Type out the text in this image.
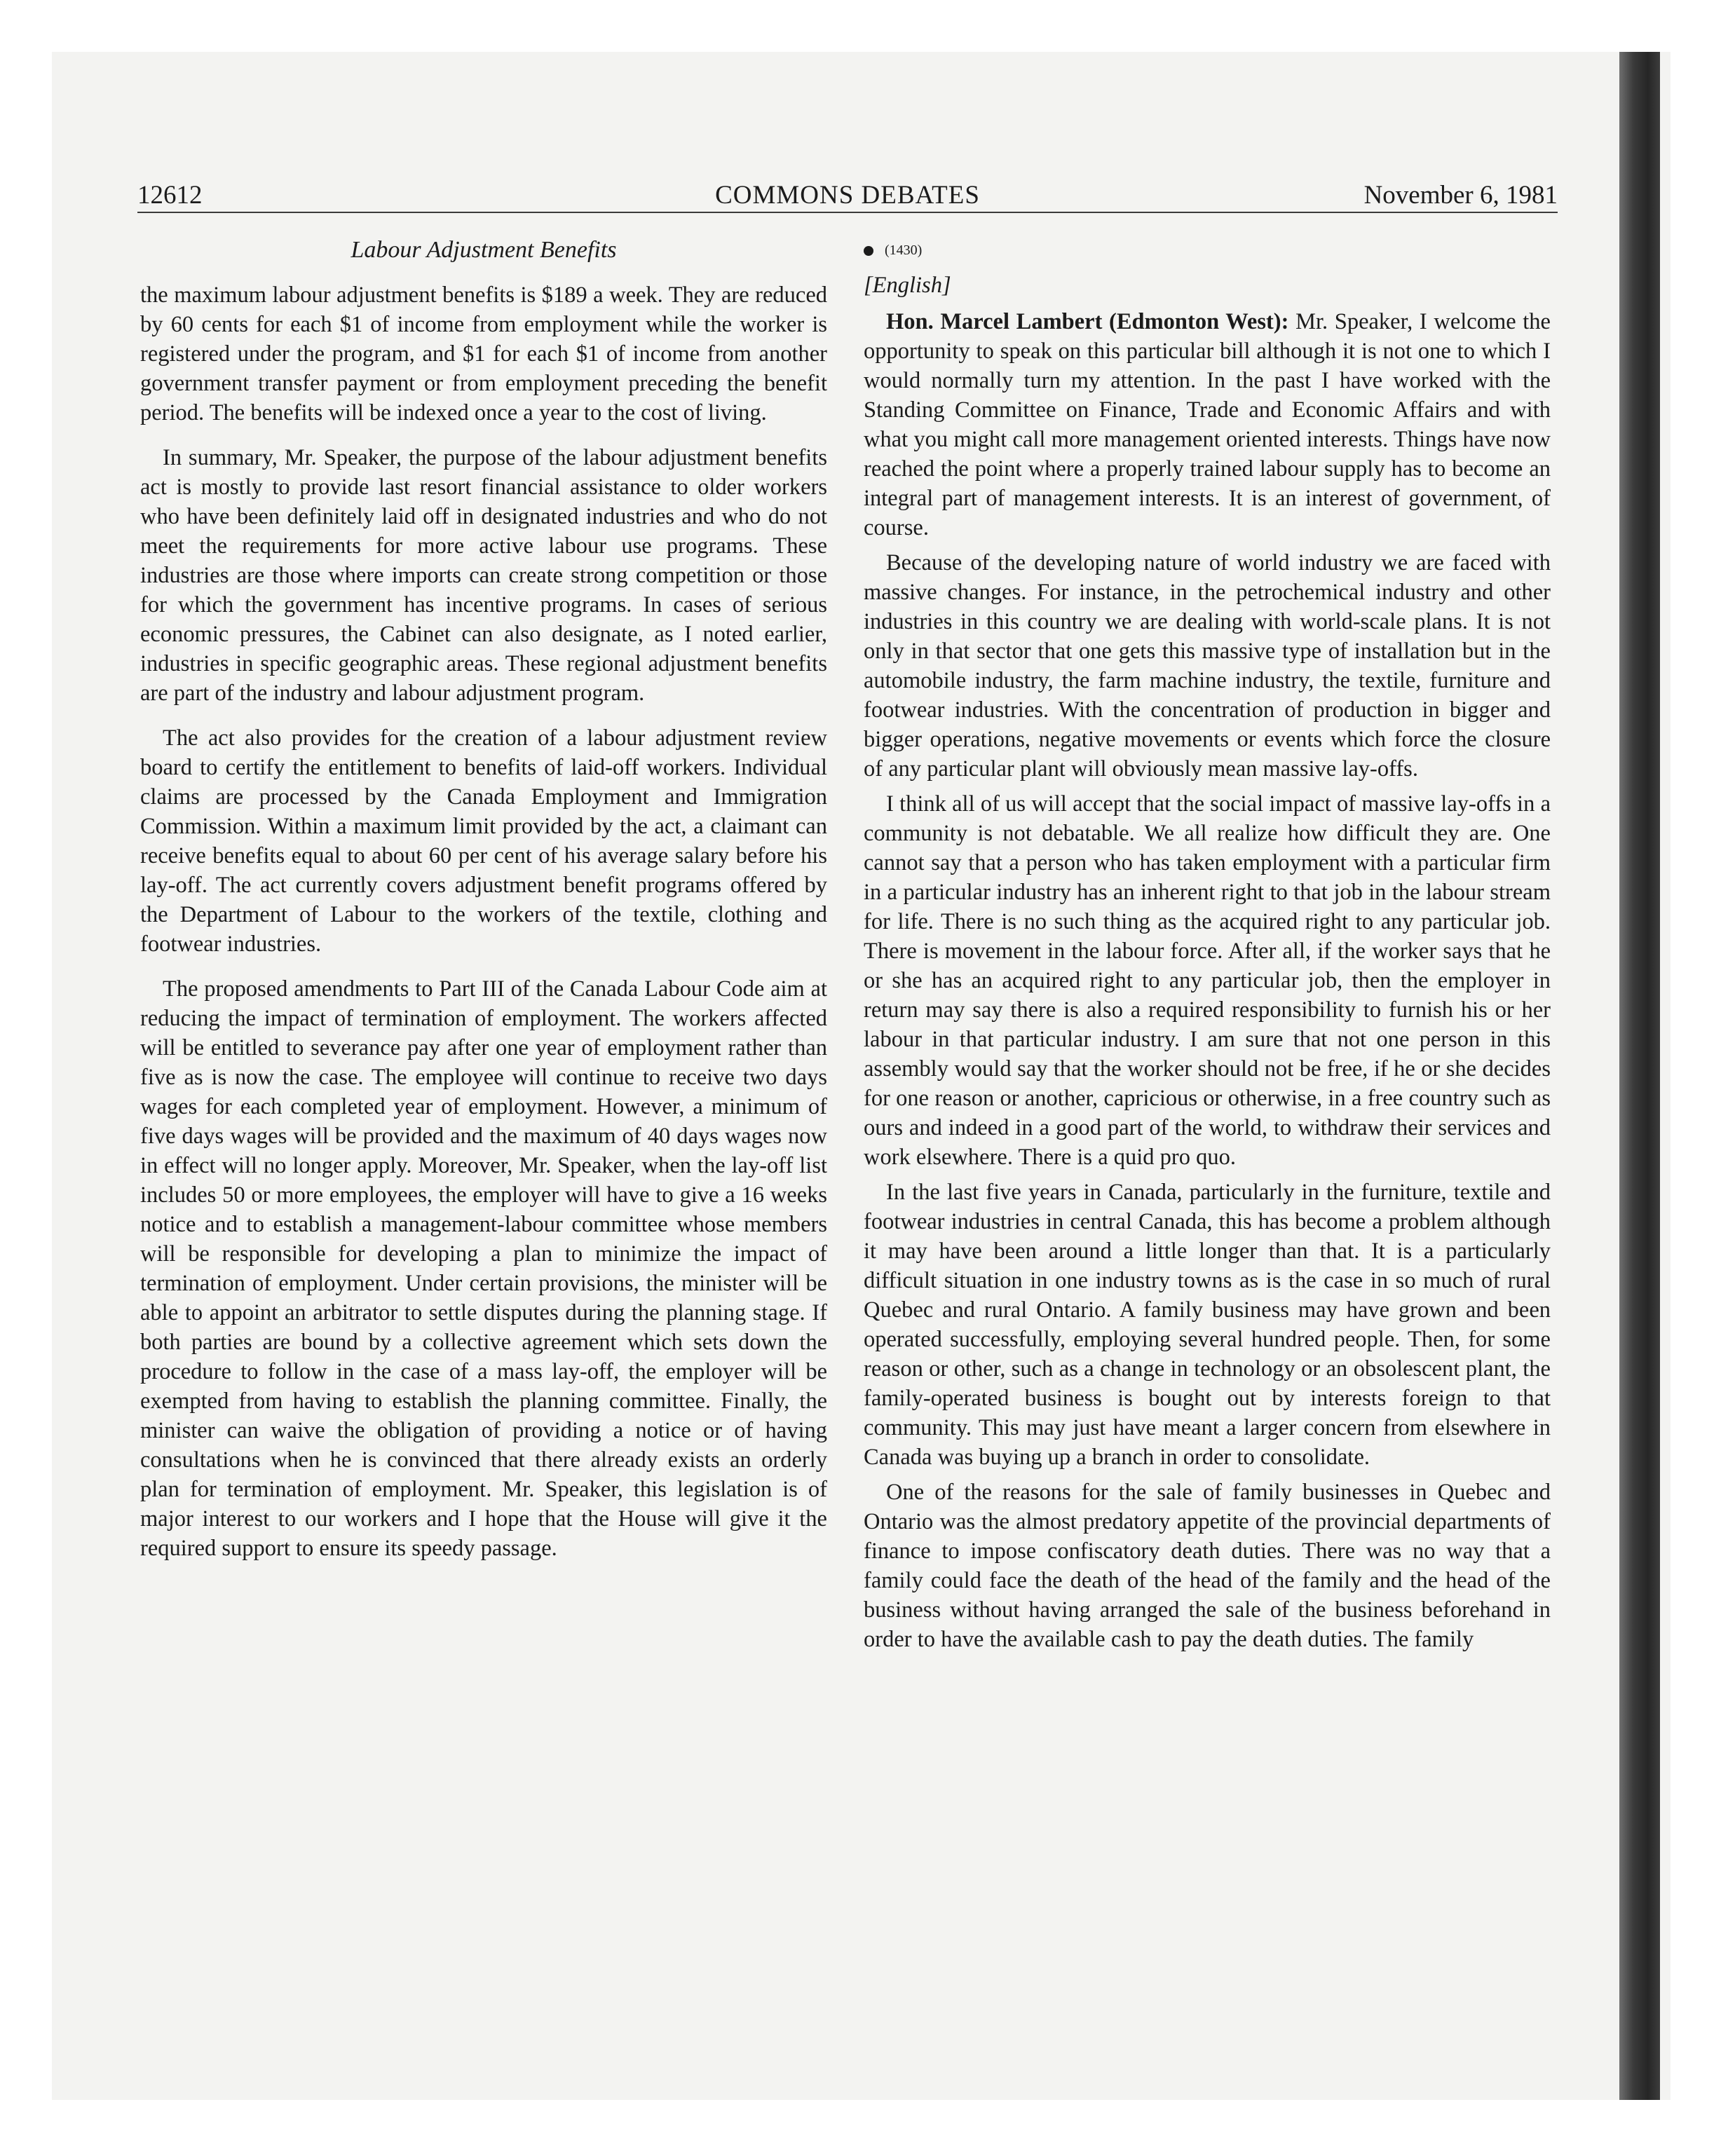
12612	COMMONS DEBATES	November 6, 1981

Labour Adjustment Benefits

the maximum labour adjustment benefits is $189 a week. They are reduced by 60 cents for each $1 of income from employment while the worker is registered under the program, and $1 for each $1 of income from another government transfer payment or from employment preceding the benefit period. The benefits will be indexed once a year to the cost of living.

In summary, Mr. Speaker, the purpose of the labour adjustment benefits act is mostly to provide last resort financial assistance to older workers who have been definitely laid off in designated industries and who do not meet the requirements for more active labour use programs. These industries are those where imports can create strong competition or those for which the government has incentive programs. In cases of serious economic pressures, the Cabinet can also designate, as I noted earlier, industries in specific geographic areas. These regional adjustment benefits are part of the industry and labour adjustment program.

The act also provides for the creation of a labour adjustment review board to certify the entitlement to benefits of laid-off workers. Individual claims are processed by the Canada Employment and Immigration Commission. Within a maximum limit provided by the act, a claimant can receive benefits equal to about 60 per cent of his average salary before his lay-off. The act currently covers adjustment benefit programs offered by the Department of Labour to the workers of the textile, clothing and footwear industries.

The proposed amendments to Part III of the Canada Labour Code aim at reducing the impact of termination of employment. The workers affected will be entitled to severance pay after one year of employment rather than five as is now the case. The employee will continue to receive two days wages for each completed year of employment. However, a minimum of five days wages will be provided and the maximum of 40 days wages now in effect will no longer apply. Moreover, Mr. Speaker, when the lay-off list includes 50 or more employees, the employer will have to give a 16 weeks notice and to establish a management-labour committee whose members will be responsible for developing a plan to minimize the impact of termination of employment. Under certain provisions, the minister will be able to appoint an arbitrator to settle disputes during the planning stage. If both parties are bound by a collective agreement which sets down the procedure to follow in the case of a mass lay-off, the employer will be exempted from having to establish the planning committee. Finally, the minister can waive the obligation of providing a notice or of having consultations when he is convinced that there already exists an orderly plan for termination of employment. Mr. Speaker, this legislation is of major interest to our workers and I hope that the House will give it the required support to ensure its speedy passage.

(1430)

[English]

Hon. Marcel Lambert (Edmonton West): Mr. Speaker, I welcome the opportunity to speak on this particular bill although it is not one to which I would normally turn my attention. In the past I have worked with the Standing Committee on Finance, Trade and Economic Affairs and with what you might call more management oriented interests. Things have now reached the point where a properly trained labour supply has to become an integral part of management interests. It is an interest of government, of course.

Because of the developing nature of world industry we are faced with massive changes. For instance, in the petrochemical industry and other industries in this country we are dealing with world-scale plans. It is not only in that sector that one gets this massive type of installation but in the automobile industry, the farm machine industry, the textile, furniture and footwear industries. With the concentration of production in bigger and bigger operations, negative movements or events which force the closure of any particular plant will obviously mean massive lay-offs.

I think all of us will accept that the social impact of massive lay-offs in a community is not debatable. We all realize how difficult they are. One cannot say that a person who has taken employment with a particular firm in a particular industry has an inherent right to that job in the labour stream for life. There is no such thing as the acquired right to any particular job. There is movement in the labour force. After all, if the worker says that he or she has an acquired right to any particular job, then the employer in return may say there is also a required responsibility to furnish his or her labour in that particular industry. I am sure that not one person in this assembly would say that the worker should not be free, if he or she decides for one reason or another, capricious or otherwise, in a free country such as ours and indeed in a good part of the world, to withdraw their services and work elsewhere. There is a quid pro quo.

In the last five years in Canada, particularly in the furniture, textile and footwear industries in central Canada, this has become a problem although it may have been around a little longer than that. It is a particularly difficult situation in one industry towns as is the case in so much of rural Quebec and rural Ontario. A family business may have grown and been operated successfully, employing several hundred people. Then, for some reason or other, such as a change in technology or an obsolescent plant, the family-operated business is bought out by interests foreign to that community. This may just have meant a larger concern from elsewhere in Canada was buying up a branch in order to consolidate.

One of the reasons for the sale of family businesses in Quebec and Ontario was the almost predatory appetite of the provincial departments of finance to impose confiscatory death duties. There was no way that a family could face the death of the head of the family and the head of the business without having arranged the sale of the business beforehand in order to have the available cash to pay the death duties. The family
